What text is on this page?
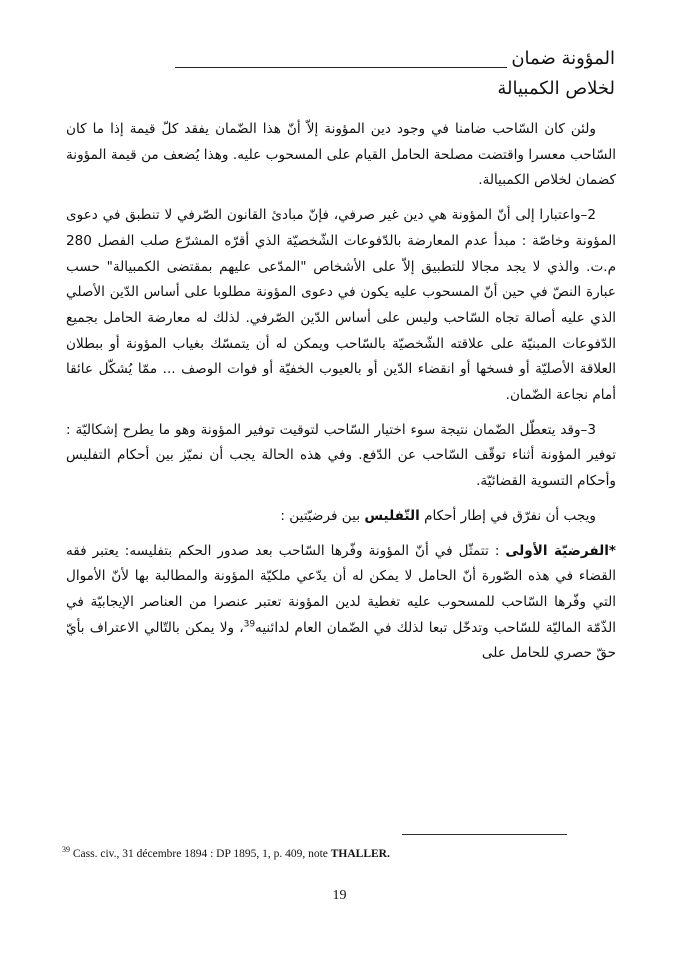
المؤونة ضمان
لخلاص الكمبيالة

ولئن كان السّاحب ضامنا في وجود دين المؤونة إلاّ أنّ هذا الضّمان يفقد كلّ قيمة إذا ما كان السّاحب معسرا واقتضت مصلحة الحامل القيام على المسحوب عليه. وهذا يُضعف من قيمة المؤونة كضمان لخلاص الكمبيالة.

2–واعتبارا إلى أنّ المؤونة هي دين غير صرفي، فإنّ مبادئ القانون الصّرفي لا تنطبق في دعوى المؤونة وخاصّة : مبدأ عدم المعارضة بالدّفوعات الشّخصيّة الذي أقرّه المشرّع صلب الفصل 280 م.ت. والذي لا يجد مجالا للتطبيق إلاّ على الأشخاص "المدّعى عليهم بمقتضى الكمبيالة" حسب عبارة النصّ في حين أنّ المسحوب عليه يكون في دعوى المؤونة مطلوبا على أساس الدّين الأصلي الذي عليه أصالة تجاه السّاحب وليس على أساس الدّين الصّرفي. لذلك له معارضة الحامل بجميع الدّفوعات المبنيّة على علاقته الشّخصيّة بالسّاحب ويمكن له أن يتمسّك بغياب المؤونة أو ببطلان العلاقة الأصليّة أو فسخها أو انقضاء الدّين أو بالعيوب الخفيّة أو فوات الوصف ... ممّا يُشكّل عائقا أمام نجاعة الضّمان.

3–وقد يتعطّل الضّمان نتيجة سوء اختيار السّاحب لتوقيت توفير المؤونة وهو ما يطرح إشكاليّة : توفير المؤونة أثناء توقّف السّاحب عن الدّفع. وفي هذه الحالة يجب أن نميّز بين أحكام التفليس وأحكام التسوية القضائيّة.

ويجب أن نفرّق في إطار أحكام التّفليس بين فرضيّتين :

*الفرضيّة الأولى : تتمثّل في أنّ المؤونة وفّرها السّاحب بعد صدور الحكم بتفليسه: يعتبر فقه القضاء في هذه الصّورة أنّ الحامل لا يمكن له أن يدّعي ملكيّة المؤونة والمطالبة بها لأنّ الأموال التي وفّرها السّاحب للمسحوب عليه تغطية لدين المؤونة تعتبر عنصرا من العناصر الإيجابيّة في الذّمّة الماليّة للسّاحب وتدخّل تبعا لذلك في الضّمان العام لدائنيه$^{39}$، ولا يمكن بالتّالي الاعتراف بأيّ حقّ حصري للحامل على

$^{39}$ Cass. civ., 31 décembre 1894 : DP 1895, 1, p. 409, note THALLER.
19
